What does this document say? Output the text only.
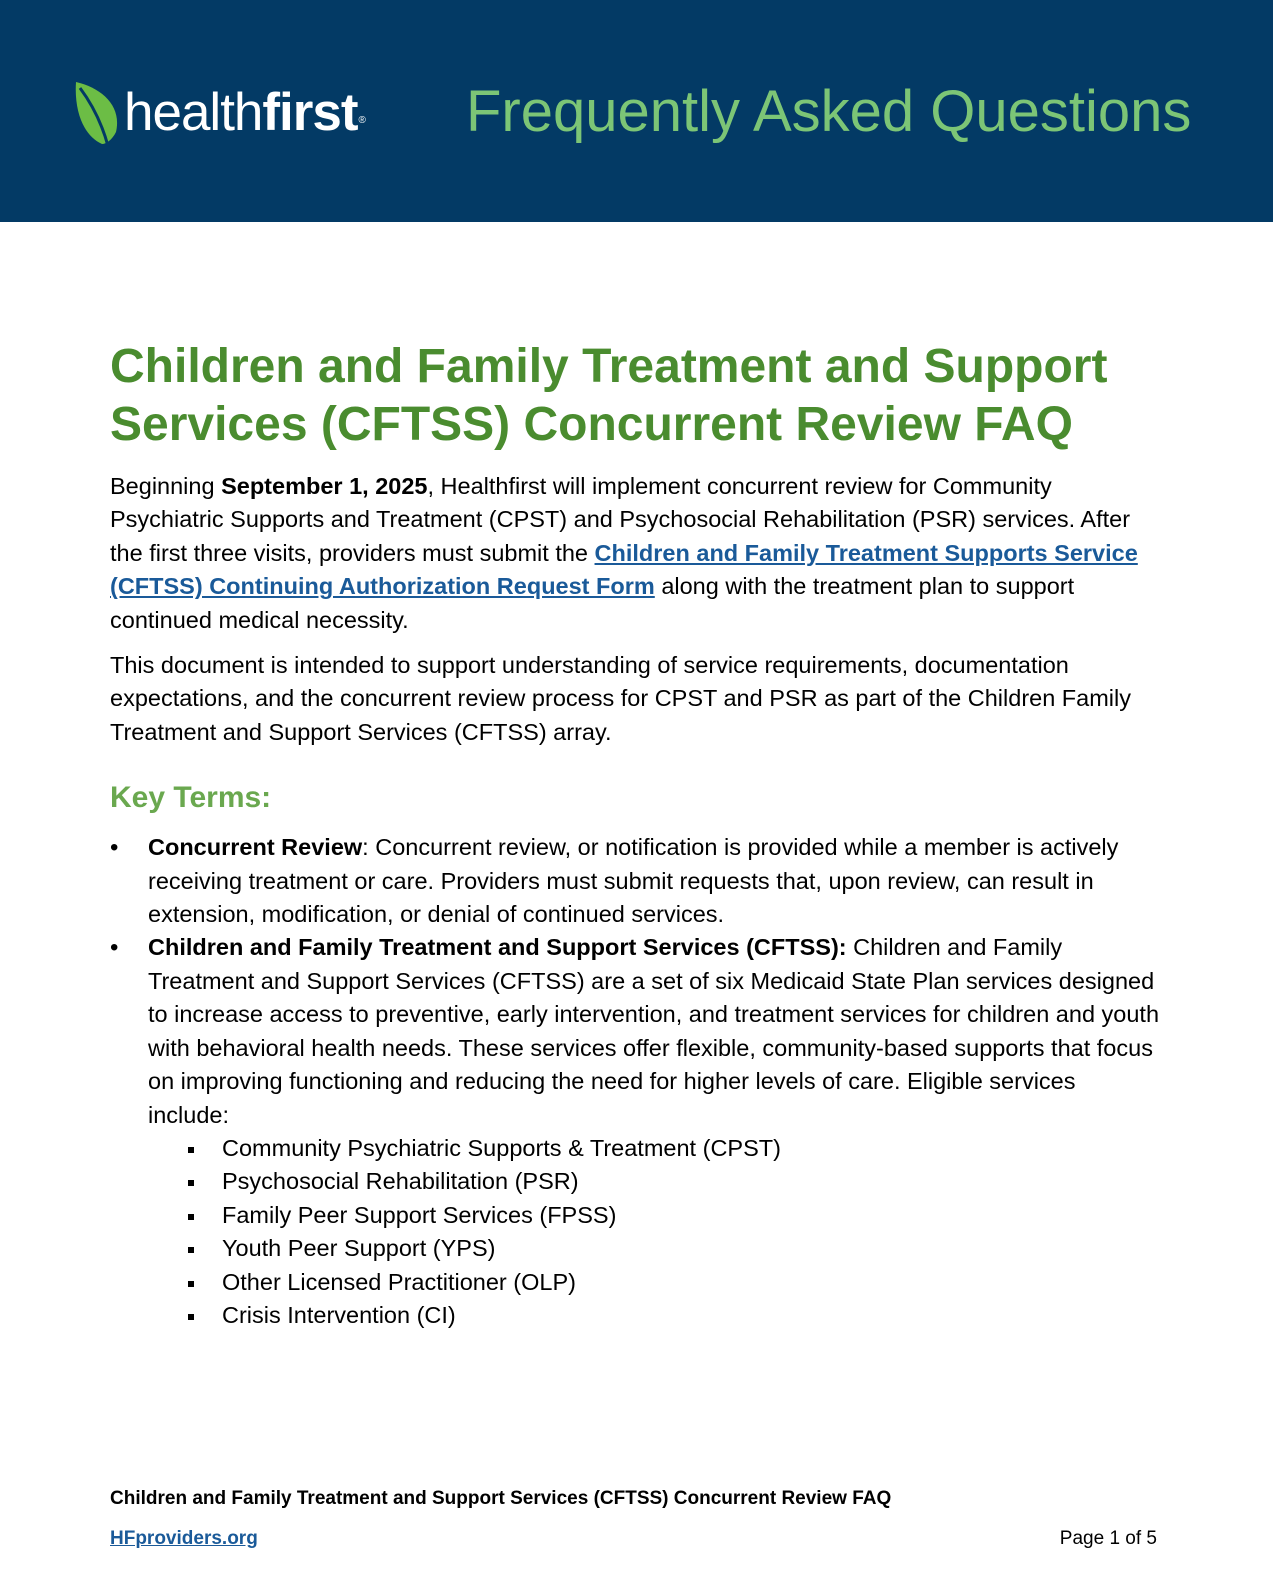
healthfirst® Frequently Asked Questions
Children and Family Treatment and Support Services (CFTSS) Concurrent Review FAQ

Beginning September 1, 2025, Healthfirst will implement concurrent review for Community Psychiatric Supports and Treatment (CPST) and Psychosocial Rehabilitation (PSR) services. After the first three visits, providers must submit the Children and Family Treatment Supports Service (CFTSS) Continuing Authorization Request Form along with the treatment plan to support continued medical necessity.

This document is intended to support understanding of service requirements, documentation expectations, and the concurrent review process for CPST and PSR as part of the Children Family Treatment and Support Services (CFTSS) array.

Key Terms:
• Concurrent Review: Concurrent review, or notification is provided while a member is actively receiving treatment or care. Providers must submit requests that, upon review, can result in extension, modification, or denial of continued services.
• Children and Family Treatment and Support Services (CFTSS): Children and Family Treatment and Support Services (CFTSS) are a set of six Medicaid State Plan services designed to increase access to preventive, early intervention, and treatment services for children and youth with behavioral health needs. These services offer flexible, community-based supports that focus on improving functioning and reducing the need for higher levels of care. Eligible services include:
Community Psychiatric Supports & Treatment (CPST)
Psychosocial Rehabilitation (PSR)
Family Peer Support Services (FPSS)
Youth Peer Support (YPS)
Other Licensed Practitioner (OLP)
Crisis Intervention (CI)
Children and Family Treatment and Support Services (CFTSS) Concurrent Review FAQ
HFproviders.org	Page 1 of 5
